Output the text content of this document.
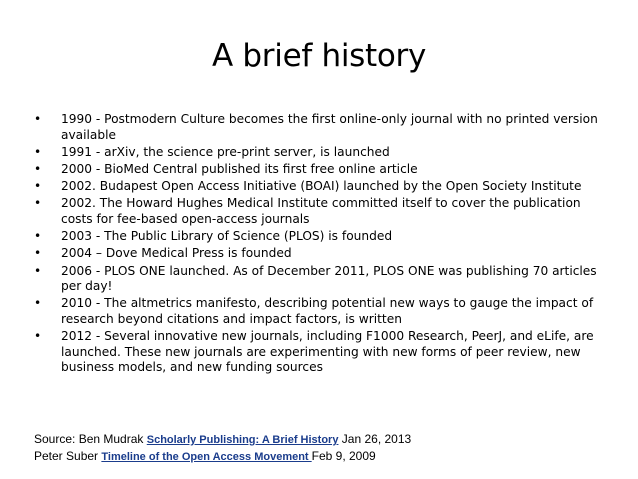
A brief history
•	1990 - Postmodern Culture becomes the first online-only journal with no printed version available
•	1991 - arXiv, the science pre-print server, is launched
•	2000 - BioMed Central published its first free online article
•	2002. Budapest Open Access Initiative (BOAI) launched by the Open Society Institute
•	2002. The Howard Hughes Medical Institute committed itself to cover the publication costs for fee-based open-access journals
•	2003 - The Public Library of Science (PLOS) is founded
•	2004 – Dove Medical Press is founded
•	2006 - PLOS ONE launched. As of December 2011, PLOS ONE was publishing 70 articles per day!
•	2010 - The altmetrics manifesto, describing potential new ways to gauge the impact of research beyond citations and impact factors, is written
•	2012 - Several innovative new journals, including F1000 Research, PeerJ, and eLife, are launched. These new journals are experimenting with new forms of peer review, new business models, and new funding sources
Source: Ben Mudrak Scholarly Publishing: A Brief History Jan 26, 2013
Peter Suber Timeline of the Open Access Movement Feb 9, 2009
